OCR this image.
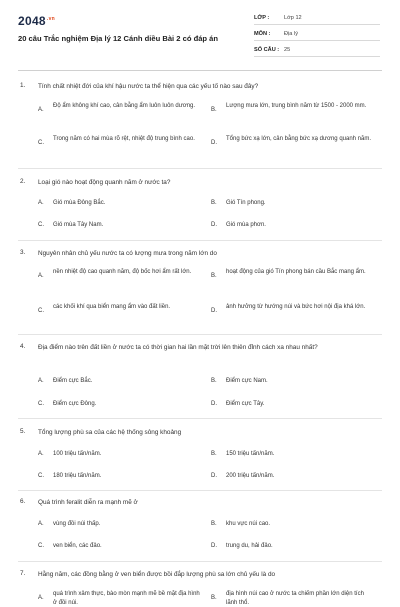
$2048^{.vn}$
20 câu Trắc nghiệm Địa lý 12 Cánh diều Bài 2 có đáp án
LỚP :	Lớp 12
MÔN : Địa lý
SỐ CÂU : 25
1. Tính chất nhiệt đới của khí hậu nước ta thể hiện qua các yếu tố nào sau đây?
A.
Độ ẩm không khí cao, cân bằng ẩm luôn luôn dương.
B.
Lượng mưa lớn, trung bình năm từ 1500 - 2000 mm.
C.
Trong năm có hai mùa rõ rệt, nhiệt độ trung bình cao.
D.
Tổng bức xạ lớn, cân bằng bức xạ dương quanh năm.
2. Loại gió nào hoạt động quanh năm ở nước ta?
A. Gió mùa Đông Bắc.	B. Gió Tín phong.
C. Gió mùa Tây Nam.	D. Gió mùa phơn.
3. Nguyên nhân chủ yếu nước ta có lượng mưa trong năm lớn do
A.
nền nhiệt độ cao quanh năm, độ bốc hơi ẩm rất lớn.
B.
hoạt động của gió Tín phong bán cầu Bắc mang ẩm.
C.
các khối khí qua biển mang ẩm vào đất liền.
D.
ảnh hưởng từ hướng núi và bức hơi nội địa khá lớn.
4. Địa điểm nào trên đất liền ở nước ta có thời gian hai lần mặt trời lên thiên đỉnh cách xa nhau nhất?
A. Điểm cực Bắc.	B. Điểm cực Nam.
C. Điểm cực Đông.	D. Điểm cực Tây.
5. Tổng lượng phù sa của các hệ thống sông khoảng
A. 100 triệu tấn/năm.	B. 150 triệu tấn/năm.
C. 180 triệu tấn/năm.	D. 200 triệu tấn/năm.
6. Quá trình feralit diễn ra mạnh mẽ ở
A. vùng đồi núi thấp.	B. khu vực núi cao.
C. ven biển, các đảo.	D. trung du, hải đảo.
7. Hằng năm, các đồng bằng ở ven biển được bồi đắp lượng phù sa lớn chủ yếu là do
A.
quá trình xâm thực, bào mòn mạnh mẽ bề mặt địa hình ở đồi núi.
B.
địa hình núi cao ở nước ta chiếm phần lớn diện tích lãnh thổ.
